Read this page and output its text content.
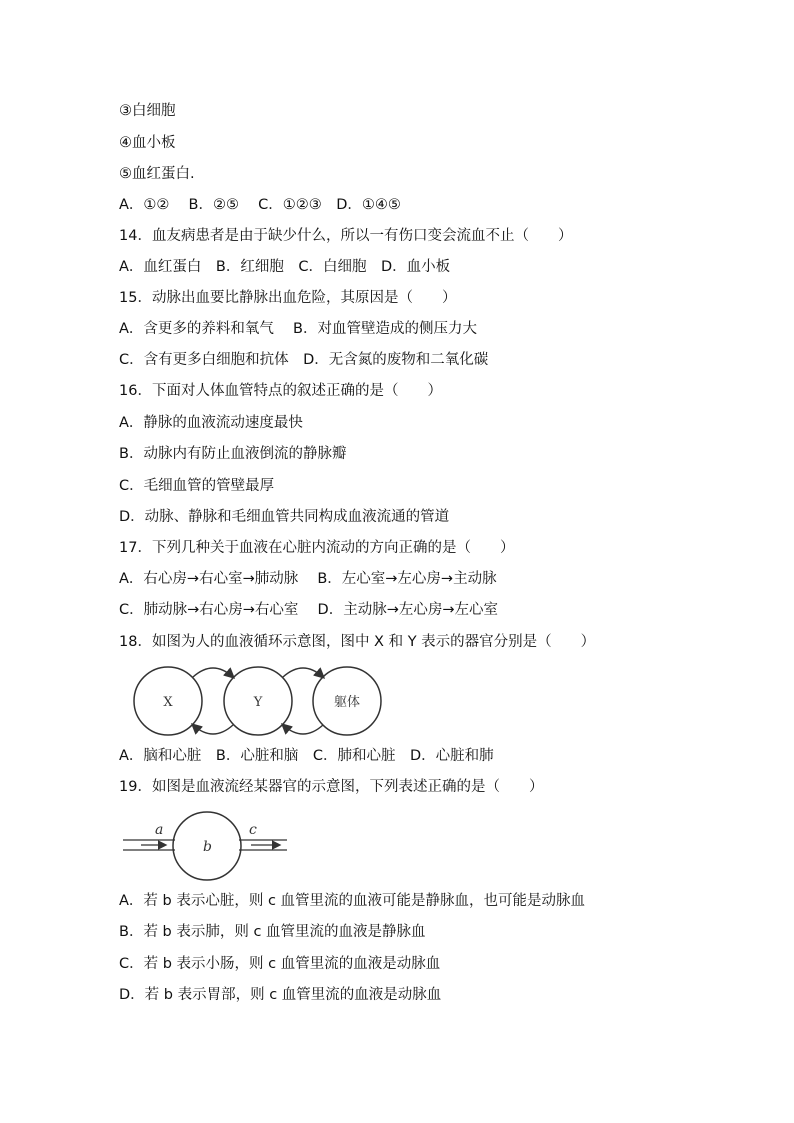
③白细胞
④血小板
⑤血红蛋白.
A．①②　 B．②⑤　 C．①②③　D．①④⑤
14．血友病患者是由于缺少什么，所以一有伤口变会流血不止（　　）
A．血红蛋白　B．红细胞　C．白细胞　D．血小板
15．动脉出血要比静脉出血危险，其原因是（　　）
A．含更多的养料和氧气　 B．对血管壁造成的侧压力大
C．含有更多白细胞和抗体　D．无含氮的废物和二氧化碳
16．下面对人体血管特点的叙述正确的是（　　）
A．静脉的血液流动速度最快
B．动脉内有防止血液倒流的静脉瓣
C．毛细血管的管壁最厚
D．动脉、静脉和毛细血管共同构成血液流通的管道
17．下列几种关于血液在心脏内流动的方向正确的是（　　）
A．右心房→右心室→肺动脉　 B．左心室→左心房→主动脉
C．肺动脉→右心房→右心室　 D．主动脉→左心房→左心室
18．如图为人的血液循环示意图，图中 X 和 Y 表示的器官分别是（　　）
X	Y	躯体
A．脑和心脏　B．心脏和脑　C．肺和心脏　D．心脏和肺
19．如图是血液流经某器官的示意图，下列表述正确的是（　　）
a
b
c
A．若 b 表示心脏，则 c 血管里流的血液可能是静脉血，也可能是动脉血
B．若 b 表示肺，则 c 血管里流的血液是静脉血
C．若 b 表示小肠，则 c 血管里流的血液是动脉血
D．若 b 表示胃部，则 c 血管里流的血液是动脉血
